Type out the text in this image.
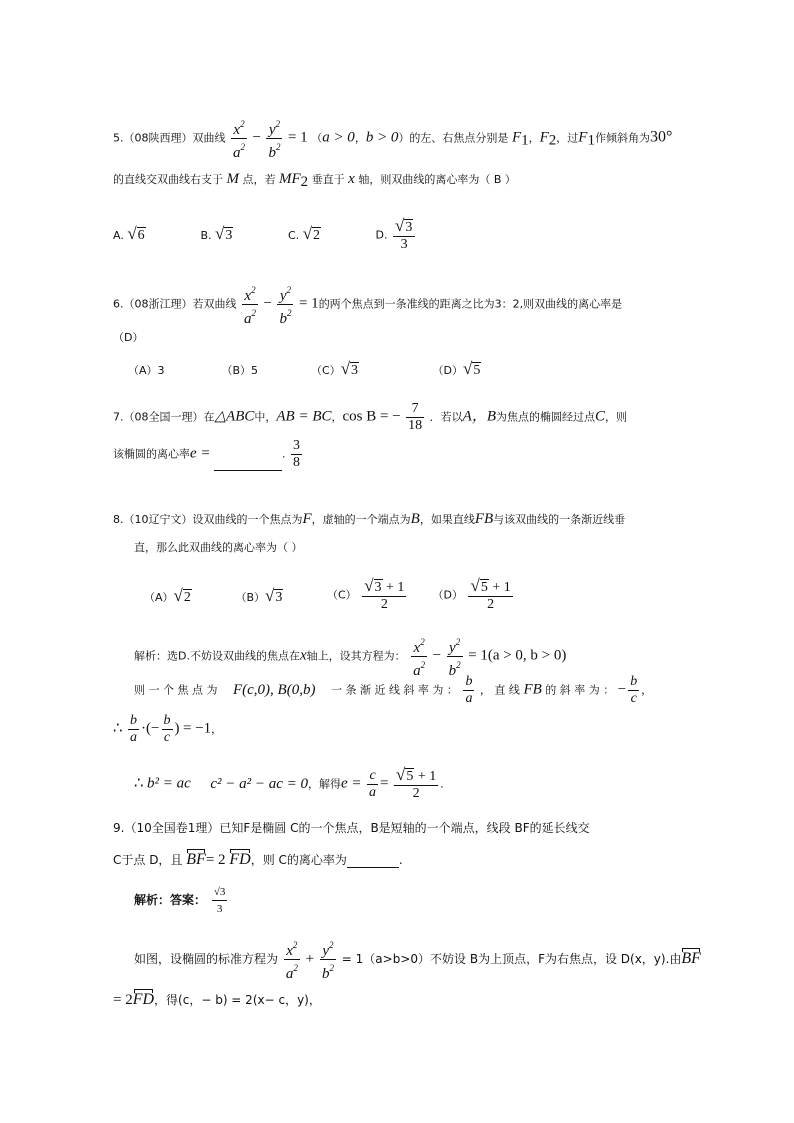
5.（08陕西理）双曲线 $\frac{x^2}{a^2} - \frac{y^2}{b^2} = 1$ （a > 0，b > 0）的左、右焦点分别是 $F_1$，$F_2$，过$F_1$作倾斜角为30°
的直线交双曲线右支于 M 点，若 $MF_2$ 垂直于 x 轴，则双曲线的离心率为（ B ）
A. √6	B. √3	C. √2	D. $\frac{√3}{3}$
6.（08浙江理）若双曲线 $\frac{x^2}{a^2} - \frac{y^2}{b^2} = 1$的两个焦点到一条准线的距离之比为3：2,则双曲线的离心率是
（D）
（A）3	（B）5	（C）√3	（D）√5
7.（08全国一理）在△ABC中，AB = BC，cos B = − $\frac{7}{18}$ ．若以A，B为焦点的椭圆经过点C，则
该椭圆的离心率e =	. $\frac{3}{8}$
8.（10辽宁文）设双曲线的一个焦点为F，虚轴的一个端点为B，如果直线FB与该双曲线的一条渐近线垂
直，那么此双曲线的离心率为（ ）
（A）√2	（B）√3	$(C) \frac{√3 + 1}{2} (D) \frac{√5 + 1}{2}$
解析：选D.不妨设双曲线的焦点在x轴上，设其方程为： $\frac{x^2}{a^2} - \frac{y^2}{b^2} = 1(a > 0$, b > 0)
则 一 个 焦 点 为 F(c,0), B(0,b) 一 条 渐 近 线 斜 率 为 ： $\frac{b}{a}$ ， 直 线 FB 的 斜 率 为 ： − $\frac{b}{c}$ ，
∴ $\frac{b}{a}$ ·(− $\frac{b}{c}$ ) = −1，
∴ b² = ac c² − a² − ac = 0，解得$e = \frac{c}{a} = \frac{√5 + 1}{2}$ .
9.（10全国卷1理）已知F是椭圆 C的一个焦点，B是短轴的一个端点，线段 BF的延长线交
C于点 D，且 BF= 2 FD，则 C的离心率为	.
解析：答案： $\frac{√3}{3}$
如图，设椭圆的标准方程为 $\frac{x^2}{a^2} + \frac{y^2}{b^2} = 1(a>b>0)$不妨设 B为上顶点，F为右焦点，设 D(x，y).由BF
= 2FD，得(c，− b) = 2(x− c，y)，
